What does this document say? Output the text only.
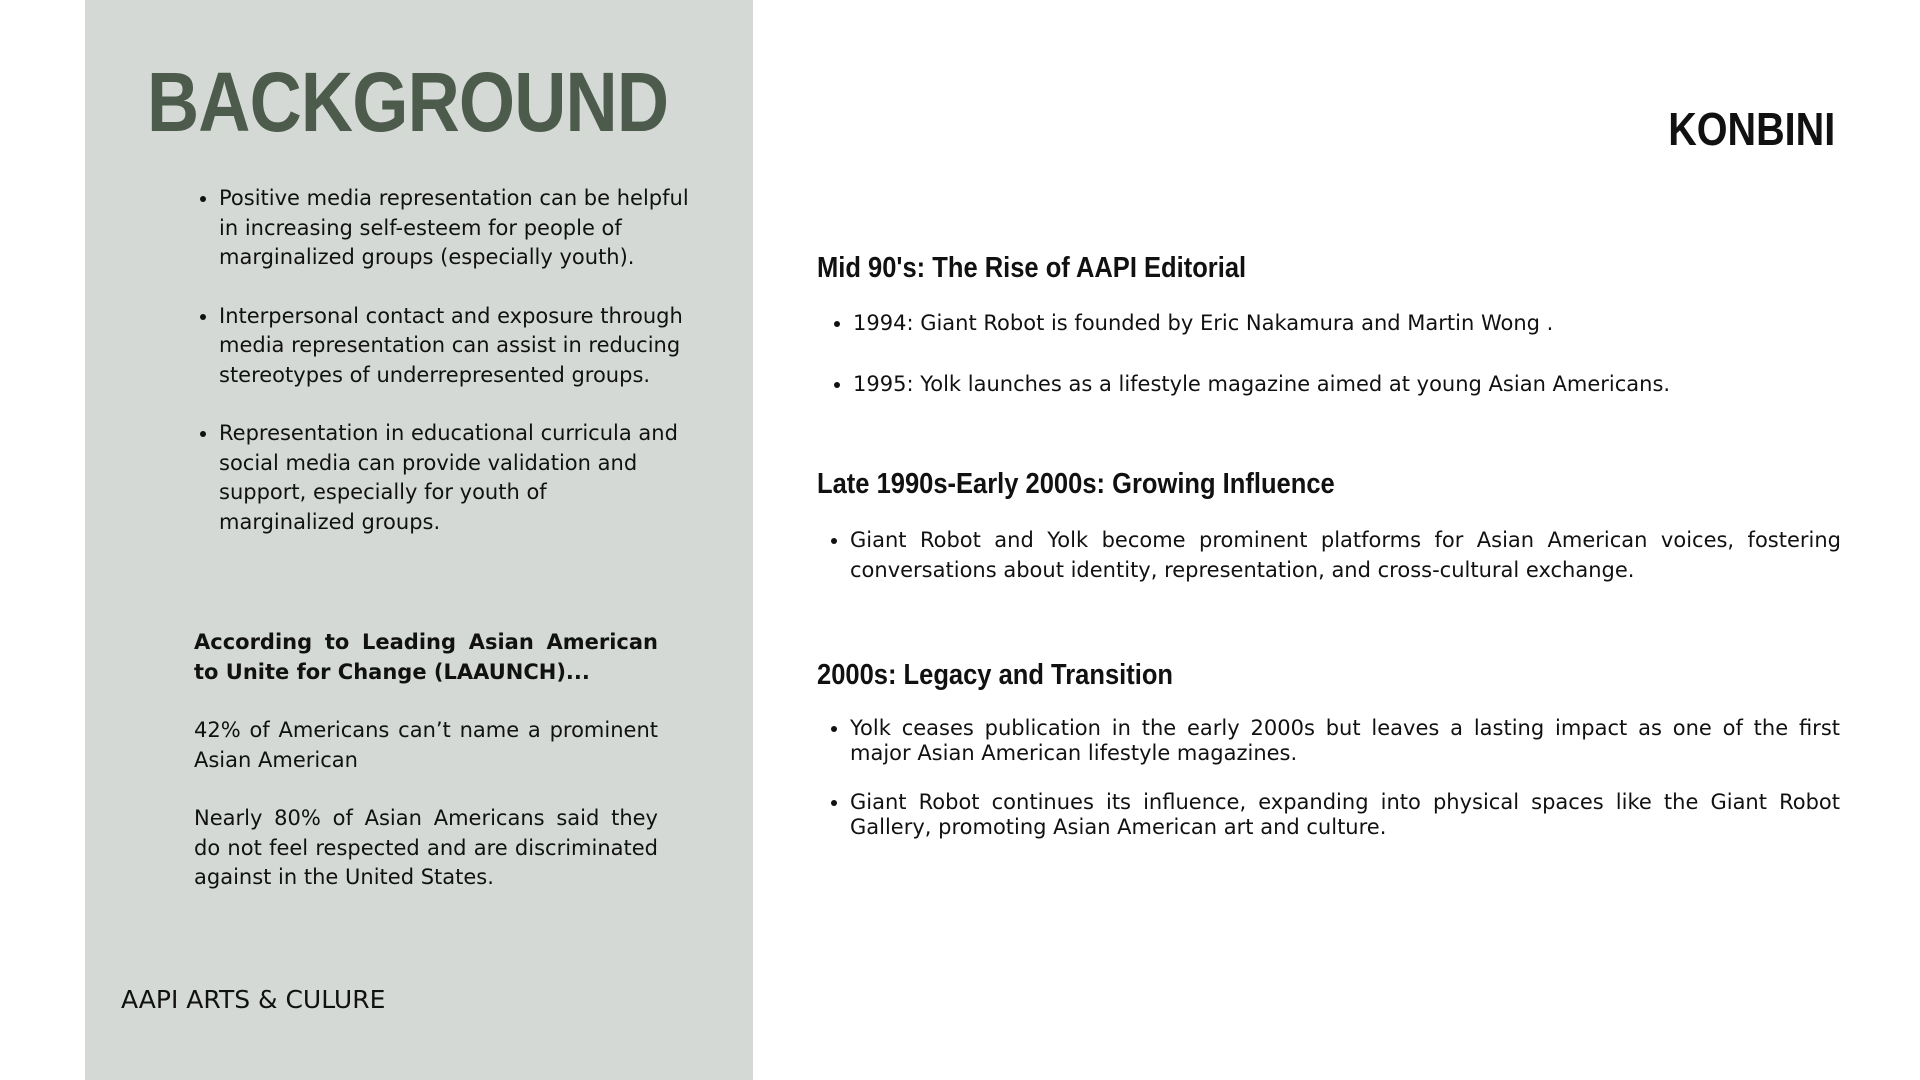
BACKGROUND
• Positive media representation can be helpful in increasing self-esteem for people of marginalized groups (especially youth).
• Interpersonal contact and exposure through media representation can assist in reducing stereotypes of underrepresented groups.
• Representation in educational curricula and social media can provide validation and support, especially for youth of marginalized groups.

According to Leading Asian American to Unite for Change (LAAUNCH)...

42% of Americans can’t name a prominent Asian American

Nearly 80% of Asian Americans said they do not feel respected and are discriminated against in the United States.

AAPI ARTS & CULURE
KONBINI
Mid 90's: The Rise of AAPI Editorial
• 1994: Giant Robot is founded by Eric Nakamura and Martin Wong .
• 1995: Yolk launches as a lifestyle magazine aimed at young Asian Americans.
Late 1990s-Early 2000s: Growing Influence
• Giant Robot and Yolk become prominent platforms for Asian American voices, fostering conversations about identity, representation, and cross-cultural exchange.
2000s: Legacy and Transition
• Yolk ceases publication in the early 2000s but leaves a lasting impact as one of the first major Asian American lifestyle magazines.
• Giant Robot continues its influence, expanding into physical spaces like the Giant Robot Gallery, promoting Asian American art and culture.
